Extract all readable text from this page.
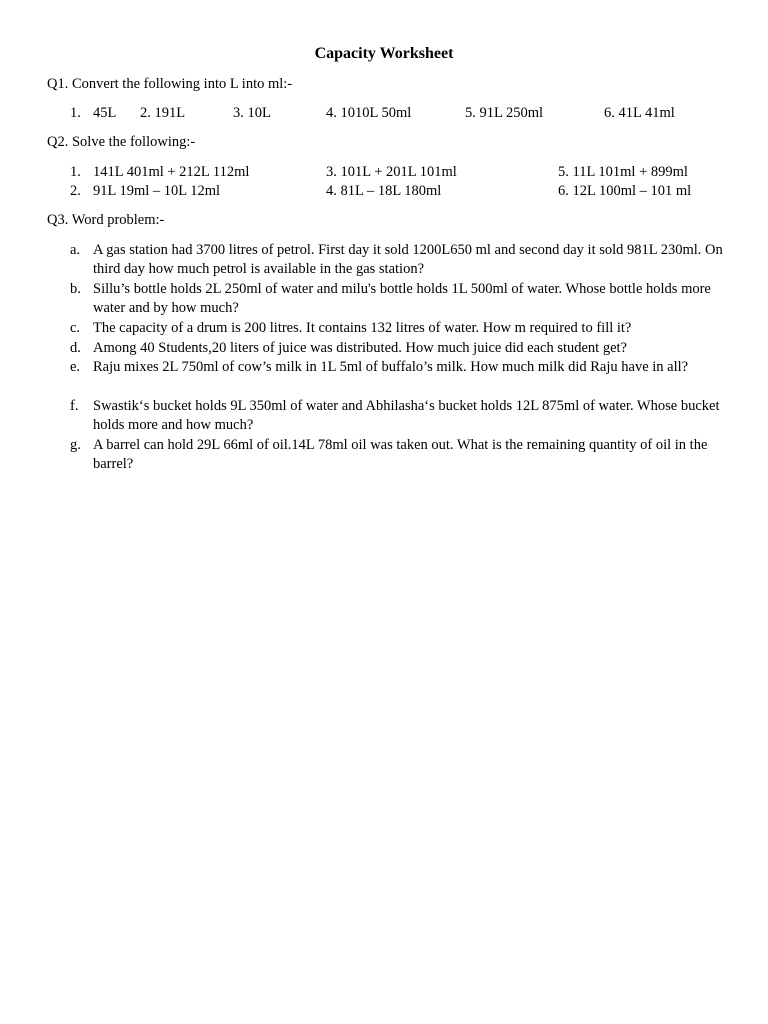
Capacity Worksheet
Q1. Convert the following into L into ml:-
1. 45L 2. 191L	3. 10L	4. 1010L 50ml	5. 91L 250ml	6. 41L 41ml
Q2. Solve the following:-
1. 141L 401ml + 212L 112ml	3. 101L + 201L 101ml	5. 11L 101ml + 899ml
2. 91L 19ml – 10L 12ml	4. 81L – 18L 180ml	6. 12L 100ml – 101 ml
Q3. Word problem:-
a. A gas station had 3700 litres of petrol. First day it sold 1200L650 ml and second day it sold 981L 230ml. On third day how much petrol is available in the gas station?
b. Sillu’s bottle holds 2L 250ml of water and milu's bottle holds 1L 500ml of water. Whose bottle holds more water and by how much?
c. The capacity of a drum is 200 litres. It contains 132 litres of water. How m required to fill it?
d. Among 40 Students,20 liters of juice was distributed. How much juice did each student get?
e. Raju mixes 2L 750ml of cow’s milk in 1L 5ml of buffalo’s milk. How much milk did Raju have in all?
f. Swastik‘s bucket holds 9L 350ml of water and Abhilasha‘s bucket holds 12L 875ml of water. Whose bucket holds more and how much?
g. A barrel can hold 29L 66ml of oil.14L 78ml oil was taken out. What is the remaining quantity of oil in the barrel?
